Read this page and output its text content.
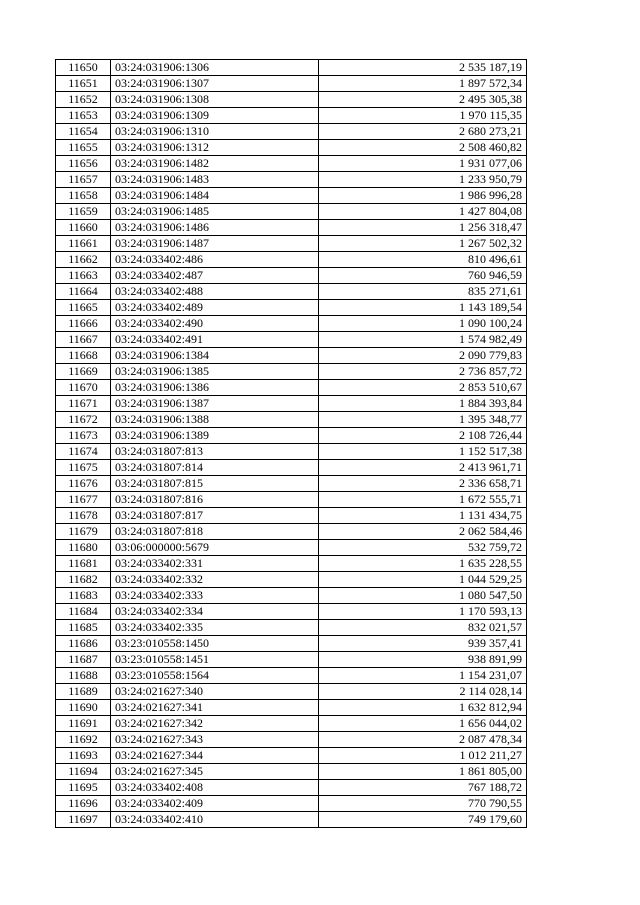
11650	03:24:031906:1306	2 535 187,19
11651	03:24:031906:1307	1 897 572,34
11652	03:24:031906:1308	2 495 305,38
11653	03:24:031906:1309	1 970 115,35
11654	03:24:031906:1310	2 680 273,21
11655	03:24:031906:1312	2 508 460,82
11656	03:24:031906:1482	1 931 077,06
11657	03:24:031906:1483	1 233 950,79
11658	03:24:031906:1484	1 986 996,28
11659	03:24:031906:1485	1 427 804,08
11660	03:24:031906:1486	1 256 318,47
11661	03:24:031906:1487	1 267 502,32
11662	03:24:033402:486	810 496,61
11663	03:24:033402:487	760 946,59
11664	03:24:033402:488	835 271,61
11665	03:24:033402:489	1 143 189,54
11666	03:24:033402:490	1 090 100,24
11667	03:24:033402:491	1 574 982,49
11668	03:24:031906:1384	2 090 779,83
11669	03:24:031906:1385	2 736 857,72
11670	03:24:031906:1386	2 853 510,67
11671	03:24:031906:1387	1 884 393,84
11672	03:24:031906:1388	1 395 348,77
11673	03:24:031906:1389	2 108 726,44
11674	03:24:031807:813	1 152 517,38
11675	03:24:031807:814	2 413 961,71
11676	03:24:031807:815	2 336 658,71
11677	03:24:031807:816	1 672 555,71
11678	03:24:031807:817	1 131 434,75
11679	03:24:031807:818	2 062 584,46
11680	03:06:000000:5679	532 759,72
11681	03:24:033402:331	1 635 228,55
11682	03:24:033402:332	1 044 529,25
11683	03:24:033402:333	1 080 547,50
11684	03:24:033402:334	1 170 593,13
11685	03:24:033402:335	832 021,57
11686	03:23:010558:1450	939 357,41
11687	03:23:010558:1451	938 891,99
11688	03:23:010558:1564	1 154 231,07
11689	03:24:021627:340	2 114 028,14
11690	03:24:021627:341	1 632 812,94
11691	03:24:021627:342	1 656 044,02
11692	03:24:021627:343	2 087 478,34
11693	03:24:021627:344	1 012 211,27
11694	03:24:021627:345	1 861 805,00
11695	03:24:033402:408	767 188,72
11696	03:24:033402:409	770 790,55
11697	03:24:033402:410	749 179,60
